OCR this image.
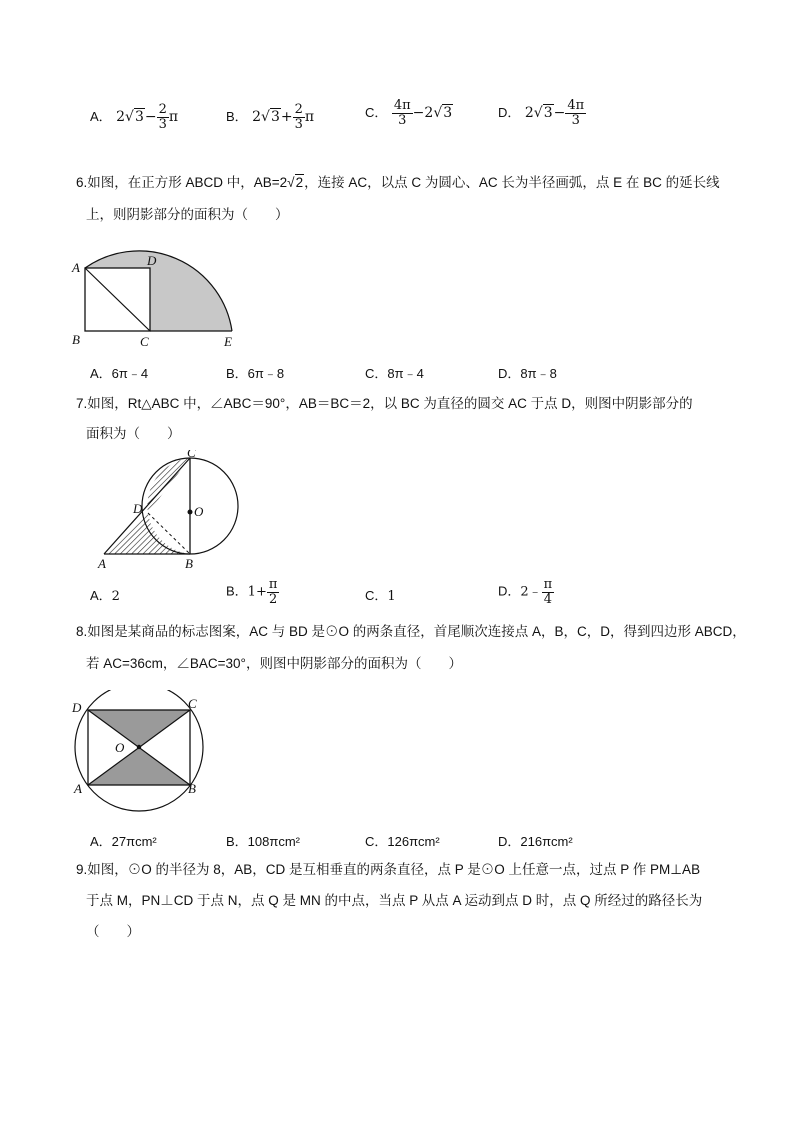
A． $2√3- \frac{2}{3}$ π	B． $2√3+ \frac{2}{3}$ π	C． $\frac{4\pi}{3} -2√3$	D． $2√3- \frac{4\pi}{3}$
6.如图，在正方形 ABCD 中，AB=2√2，连接 AC，以点 C 为圆心、AC 长为半径画弧，点 E 在 BC 的延长线
上，则阴影部分的面积为（　　）
A	D
B	C	E
A．6π﹣4	B．6π﹣8	C．8π﹣4	D．8π﹣8
7.如图，Rt△ABC 中，∠ABC＝90°，AB＝BC＝2，以 BC 为直径的圆交 AC 于点 D，则图中阴影部分的
面积为（　　）
C
D	O
A	B
A．2	B．$1+ \frac{\pi}{2}$	C．1	D．2﹣ $\frac{\pi}{4}$
8.如图是某商品的标志图案，AC 与 BD 是⊙O 的两条直径，首尾顺次连接点 A，B，C，D，得到四边形 ABCD，
若 AC=36cm，∠BAC=30°，则图中阴影部分的面积为（　　）
D	C
O
A	B
A．27πcm²	B．108πcm²	C．126πcm²	D．216πcm²
9.如图，⊙O 的半径为 8，AB，CD 是互相垂直的两条直径，点 P 是⊙O 上任意一点，过点 P 作 PM⊥AB
于点 M，PN⊥CD 于点 N，点 Q 是 MN 的中点，当点 P 从点 A 运动到点 D 时，点 Q 所经过的路径长为
（　　）
